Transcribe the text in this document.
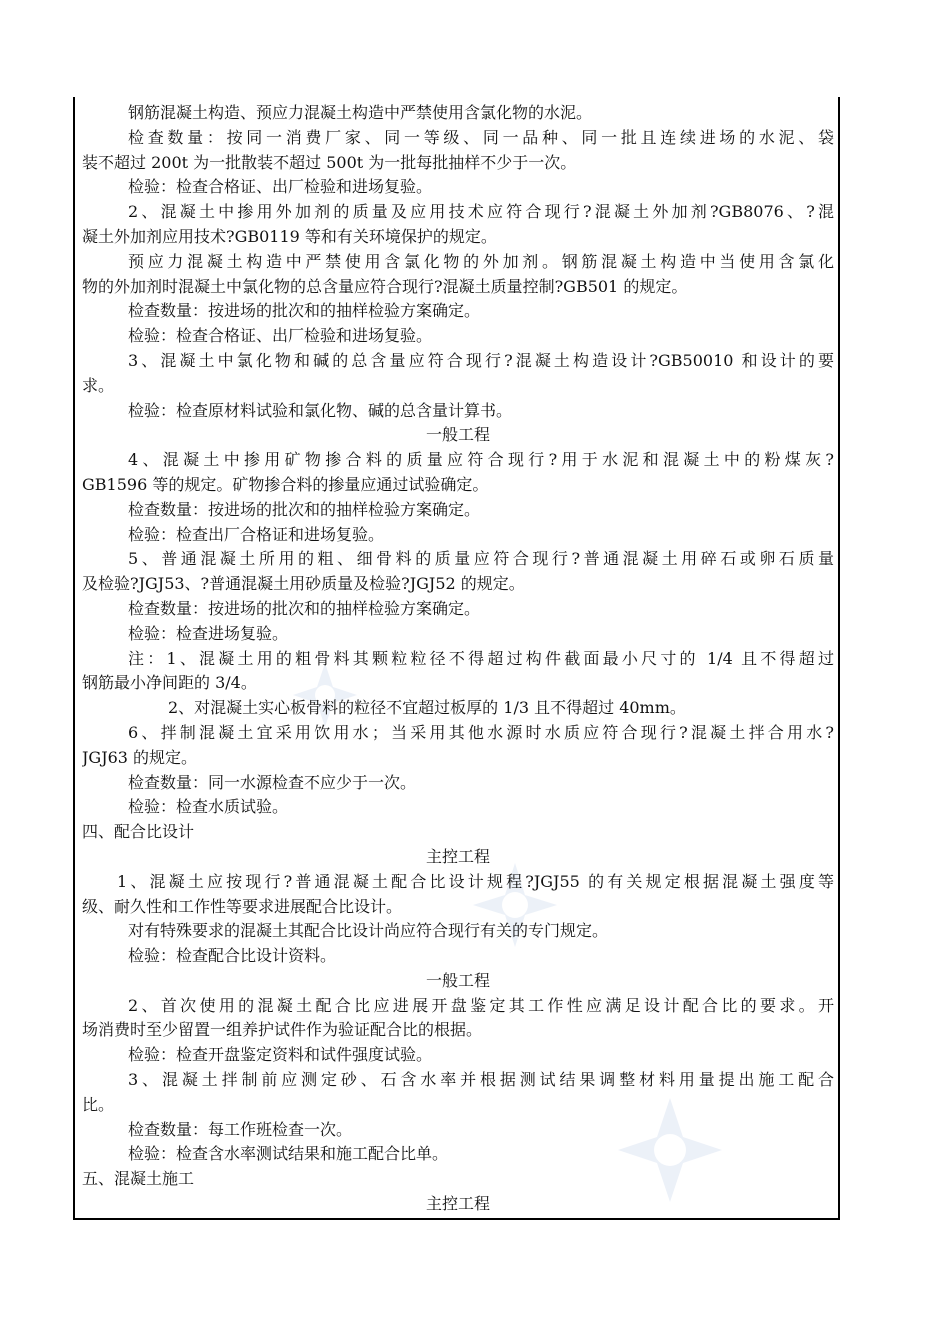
钢筋混凝土构造、预应力混凝土构造中严禁使用含氯化物的水泥。
检查数量：按同一消费厂家、同一等级、同一品种、同一批且连续进场的水泥、袋
装不超过 200t 为一批散装不超过 500t 为一批每批抽样不少于一次。
检验：检查合格证、出厂检验和进场复验。
2、混凝土中掺用外加剂的质量及应用技术应符合现行?混凝土外加剂?GB8076、?混
凝土外加剂应用技术?GB0119 等和有关环境保护的规定。
预应力混凝土构造中严禁使用含氯化物的外加剂。钢筋混凝土构造中当使用含氯化
物的外加剂时混凝土中氯化物的总含量应符合现行?混凝土质量控制?GB501 的规定。
检查数量：按进场的批次和的抽样检验方案确定。
检验：检查合格证、出厂检验和进场复验。
3、混凝土中氯化物和碱的总含量应符合现行?混凝土构造设计?GB50010 和设计的要
求。
检验：检查原材料试验和氯化物、碱的总含量计算书。
一般工程
4、混凝土中掺用矿物掺合料的质量应符合现行?用于水泥和混凝土中的粉煤灰?
GB1596 等的规定。矿物掺合料的掺量应通过试验确定。
检查数量：按进场的批次和的抽样检验方案确定。
检验：检查出厂合格证和进场复验。
5、普通混凝土所用的粗、细骨料的质量应符合现行?普通混凝土用碎石或卵石质量
及检验?JGJ53、?普通混凝土用砂质量及检验?JGJ52 的规定。
检查数量：按进场的批次和的抽样检验方案确定。
检验：检查进场复验。
注：1、混凝土用的粗骨料其颗粒粒径不得超过构件截面最小尺寸的 1/4 且不得超过
钢筋最小净间距的 3/4。
2、对混凝土实心板骨料的粒径不宜超过板厚的 1/3 且不得超过 40mm。
6、拌制混凝土宜采用饮用水；当采用其他水源时水质应符合现行?混凝土拌合用水?
JGJ63 的规定。
检查数量：同一水源检查不应少于一次。
检验：检查水质试验。
四、配合比设计
主控工程
1、混凝土应按现行?普通混凝土配合比设计规程?JGJ55 的有关规定根据混凝土强度等
级、耐久性和工作性等要求进展配合比设计。
对有特殊要求的混凝土其配合比设计尚应符合现行有关的专门规定。
检验：检查配合比设计资料。
一般工程
2、首次使用的混凝土配合比应进展开盘鉴定其工作性应满足设计配合比的要求。开
场消费时至少留置一组养护试件作为验证配合比的根据。
检验：检查开盘鉴定资料和试件强度试验。
3、混凝土拌制前应测定砂、石含水率并根据测试结果调整材料用量提出施工配合
比。
检查数量：每工作班检查一次。
检验：检查含水率测试结果和施工配合比单。
五、混凝土施工
主控工程
